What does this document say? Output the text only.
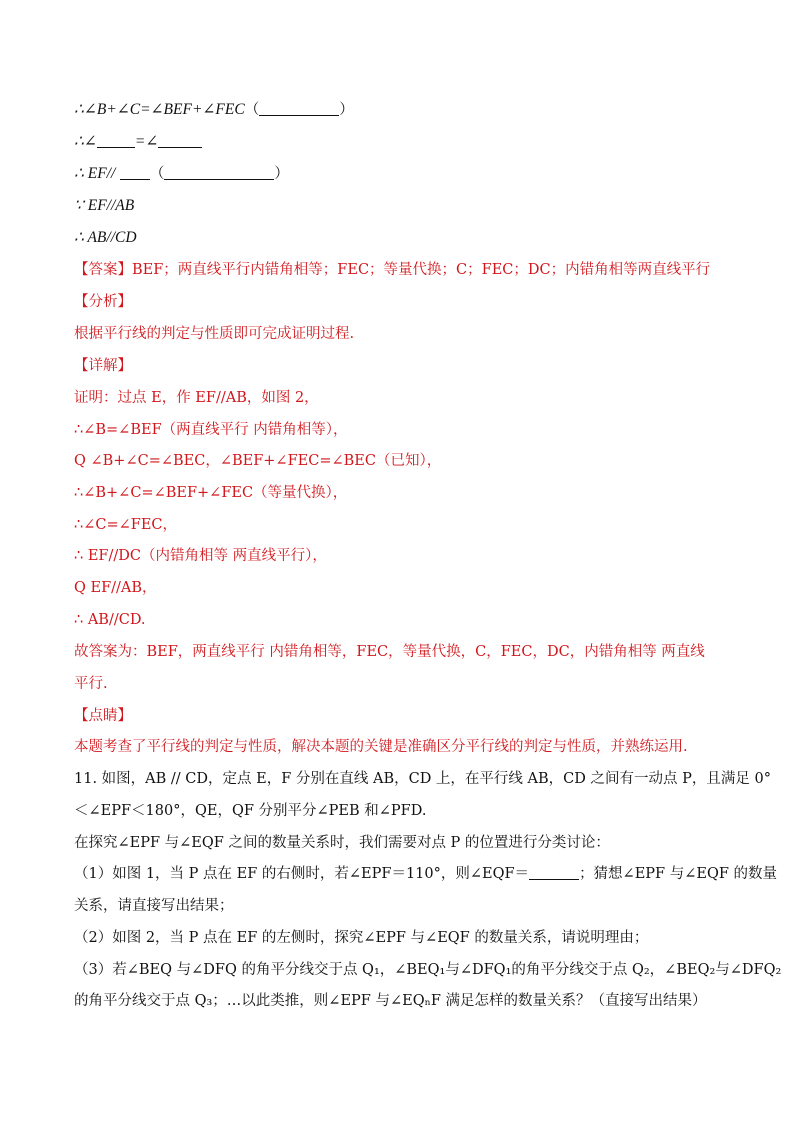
∴∠B+∠C=∠BEF+∠FEC（	）
∴∠ =∠
∴ EF// （	）
∵ EF//AB
∴ AB//CD
【答案】BEF；两直线平行内错角相等；FEC；等量代换；C；FEC；DC；内错角相等两直线平行
【分析】
根据平行线的判定与性质即可完成证明过程.
【详解】
证明：过点 E，作 EF//AB，如图 2，
∴∠B=∠BEF（两直线平行 内错角相等），
Q ∠B+∠C=∠BEC，∠BEF+∠FEC=∠BEC（已知），
∴∠B+∠C=∠BEF+∠FEC（等量代换），
∴∠C=∠FEC，
∴ EF//DC（内错角相等 两直线平行），
Q EF//AB，
∴ AB//CD.
故答案为：BEF，两直线平行 内错角相等，FEC，等量代换，C，FEC，DC，内错角相等 两直线
平行.
【点睛】
本题考查了平行线的判定与性质，解决本题的关键是准确区分平行线的判定与性质，并熟练运用.
11. 如图，AB // CD，定点 E，F 分别在直线 AB，CD 上，在平行线 AB，CD 之间有一动点 P，且满足 0°
＜∠EPF＜180°，QE，QF 分别平分∠PEB 和∠PFD.
在探究∠EPF 与∠EQF 之间的数量关系时，我们需要对点 P 的位置进行分类讨论：
（1）如图 1，当 P 点在 EF 的右侧时，若∠EPF＝110°，则∠EQF＝	；猜想∠EPF 与∠EQF 的数量
关系，请直接写出结果；
（2）如图 2，当 P 点在 EF 的左侧时，探究∠EPF 与∠EQF 的数量关系，请说明理由；
（3）若∠BEQ 与∠DFQ 的角平分线交于点 Q₁，∠BEQ₁与∠DFQ₁的角平分线交于点 Q₂，∠BEQ₂与∠DFQ₂
的角平分线交于点 Q₃；…以此类推，则∠EPF 与∠EQₙF 满足怎样的数量关系？（直接写出结果）
